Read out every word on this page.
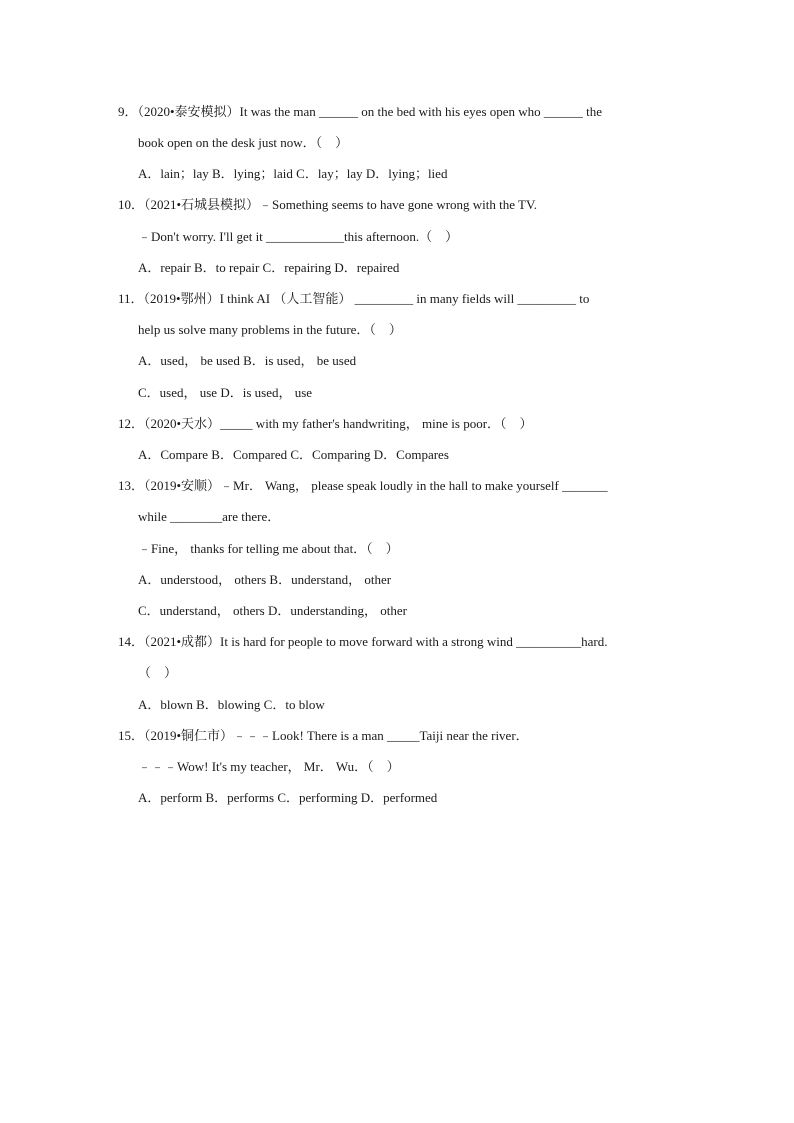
9．（2020•泰安模拟）It was the man ______ on the bed with his eyes open who ______ the
book open on the desk just now．（　）
A．lain；lay B．lying；laid C．lay；lay D．lying；lied
10．（2021•石城县模拟）﹣Something seems to have gone wrong with the TV.
﹣Don't worry. I'll get it ____________this afternoon.（　）
A．repair B．to repair C．repairing D．repaired
11．（2019•鄂州）I think AI （人工智能） _________ in many fields will _________ to
help us solve many problems in the future．（　）
A．used， be used B．is used， be used
C．used， use D．is used， use
12．（2020•天水）_____ with my father's handwriting， mine is poor．（　）
A．Compare B．Compared C．Comparing D．Compares
13．（2019•安顺）﹣Mr． Wang， please speak loudly in the hall to make yourself _______
while ________are there．
﹣Fine， thanks for telling me about that．（　）
A．understood， others B．understand， other
C．understand， others D．understanding， other
14．（2021•成都）It is hard for people to move forward with a strong wind __________hard.
（　）
A．blown B．blowing C．to blow
15．（2019•铜仁市）﹣﹣﹣Look! There is a man _____Taiji near the river．
﹣﹣﹣Wow! It's my teacher， Mr． Wu．（　）
A．perform B．performs C．performing D．performed
